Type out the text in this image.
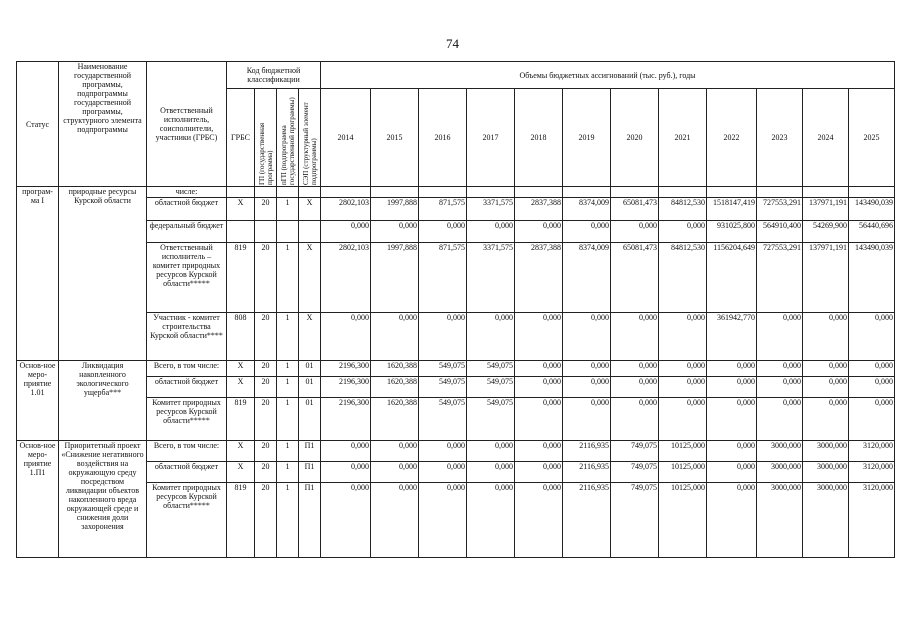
74
Статус	Наименование государственной программы, подпрограммы государственной программы, структурного элемента подпрограммы	Ответственный исполнитель, соисполнители, участники (ГРБС)	Код бюджетной классификации				Объемы бюджетных ассигнований (тыс. руб.), годы											
			ГРБС	ГП (государственная программа)	пГП (подпрограмма государственной программы)	СЭП (структурный элемент подпрограммы)	2014	2015	2016	2017	2018	2019	2020	2021	2022	2023	2024	2025
програм-ма I	природные ресурсы Курской области	числе:																
		областной бюджет	X	20	1	X	2802,103	1997,888	871,575	3371,575	2837,388	8374,009	65081,473	84812,530	1518147,419	727553,291	137971,191	143490,039
		федеральный бюджет					0,000	0,000	0,000	0,000	0,000	0,000	0,000	0,000	931025,800	564910,400	54269,900	56440,696
		Ответственный исполнитель – комитет природных ресурсов Курской области*****	819	20	1	X	2802,103	1997,888	871,575	3371,575	2837,388	8374,009	65081,473	84812,530	1156204,649	727553,291	137971,191	143490,039
		Участник - комитет строительства Курской области****	808	20	1	X	0,000	0,000	0,000	0,000	0,000	0,000	0,000	0,000	361942,770	0,000	0,000	0,000
Основ-ное меро-приятие 1.01	Ликвидация накопленного экологического ущерба***	Всего, в том числе:	X	20	1	01	2196,300	1620,388	549,075	549,075	0,000	0,000	0,000	0,000	0,000	0,000	0,000	0,000
		областной бюджет	X	20	1	01	2196,300	1620,388	549,075	549,075	0,000	0,000	0,000	0,000	0,000	0,000	0,000	0,000
		Комитет природных ресурсов Курской области*****	819	20	1	01	2196,300	1620,388	549,075	549,075	0,000	0,000	0,000	0,000	0,000	0,000	0,000	0,000
Основ-ное меро-приятие 1.П1	Приоритетный проект «Снижение негативного воздействия на окружающую среду посредством ликвидации объектов накопленного вреда окружающей среде и снижения доли захоронения	Всего, в том числе:	X	20	1	П1	0,000	0,000	0,000	0,000	0,000	2116,935	749,075	10125,000	0,000	3000,000	3000,000	3120,000
		областной бюджет	X	20	1	П1	0,000	0,000	0,000	0,000	0,000	2116,935	749,075	10125,000	0,000	3000,000	3000,000	3120,000
		Комитет природных ресурсов Курской области*****	819	20	1	П1	0,000	0,000	0,000	0,000	0,000	2116,935	749,075	10125,000	0,000	3000,000	3000,000	3120,000
